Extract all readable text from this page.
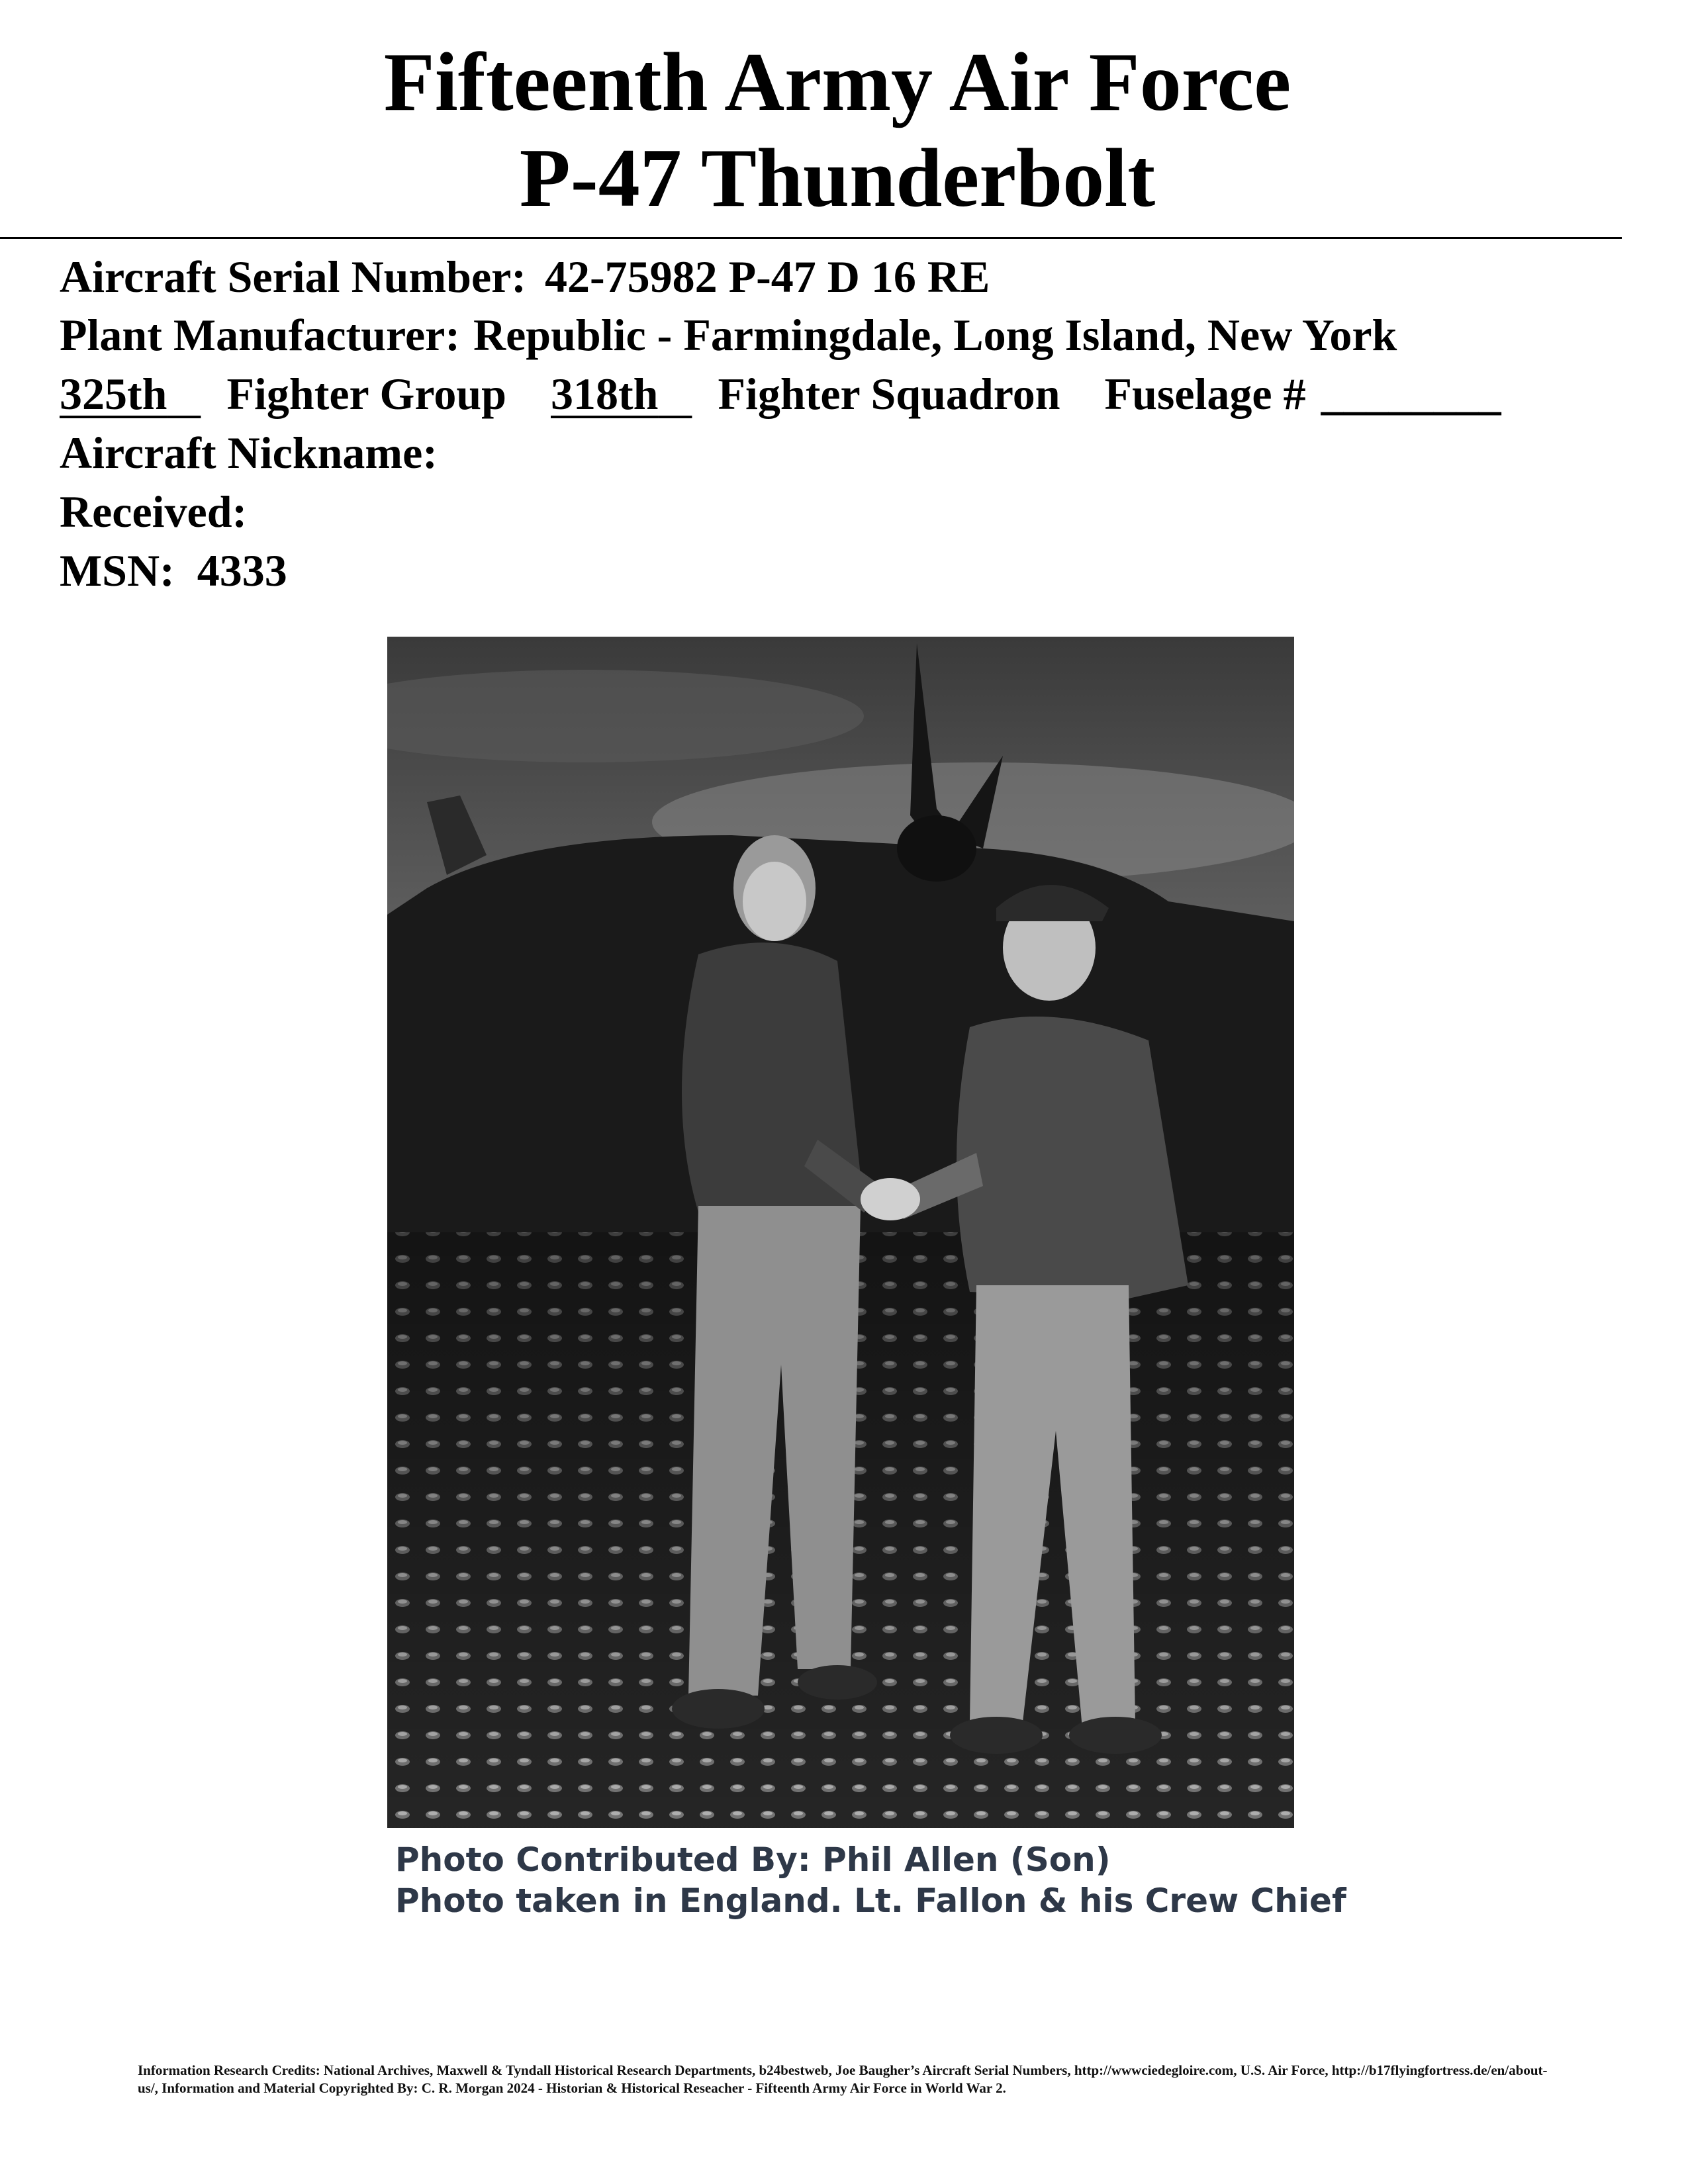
Fifteenth Army Air Force
P-47 Thunderbolt
Aircraft Serial Number: 42-75982 P-47 D 16 RE
Plant Manufacturer: Republic - Farmingdale, Long Island, New York
325th Fighter Group 318th Fighter Squadron Fuselage # ________
Aircraft Nickname:
Received:
MSN: 4333
Photo Contributed By: Phil Allen (Son)
Photo taken in England. Lt. Fallon & his Crew Chief
Information Research Credits: National Archives, Maxwell & Tyndall Historical Research Departments, b24bestweb, Joe Baugher’s Aircraft Serial Numbers, http://wwwciedegloire.com, U.S. Air Force, http://b17flyingfortress.de/en/about-us/, Information and Material Copyrighted By: C. R. Morgan 2024 - Historian & Historical Reseacher - Fifteenth Army Air Force in World War 2.
